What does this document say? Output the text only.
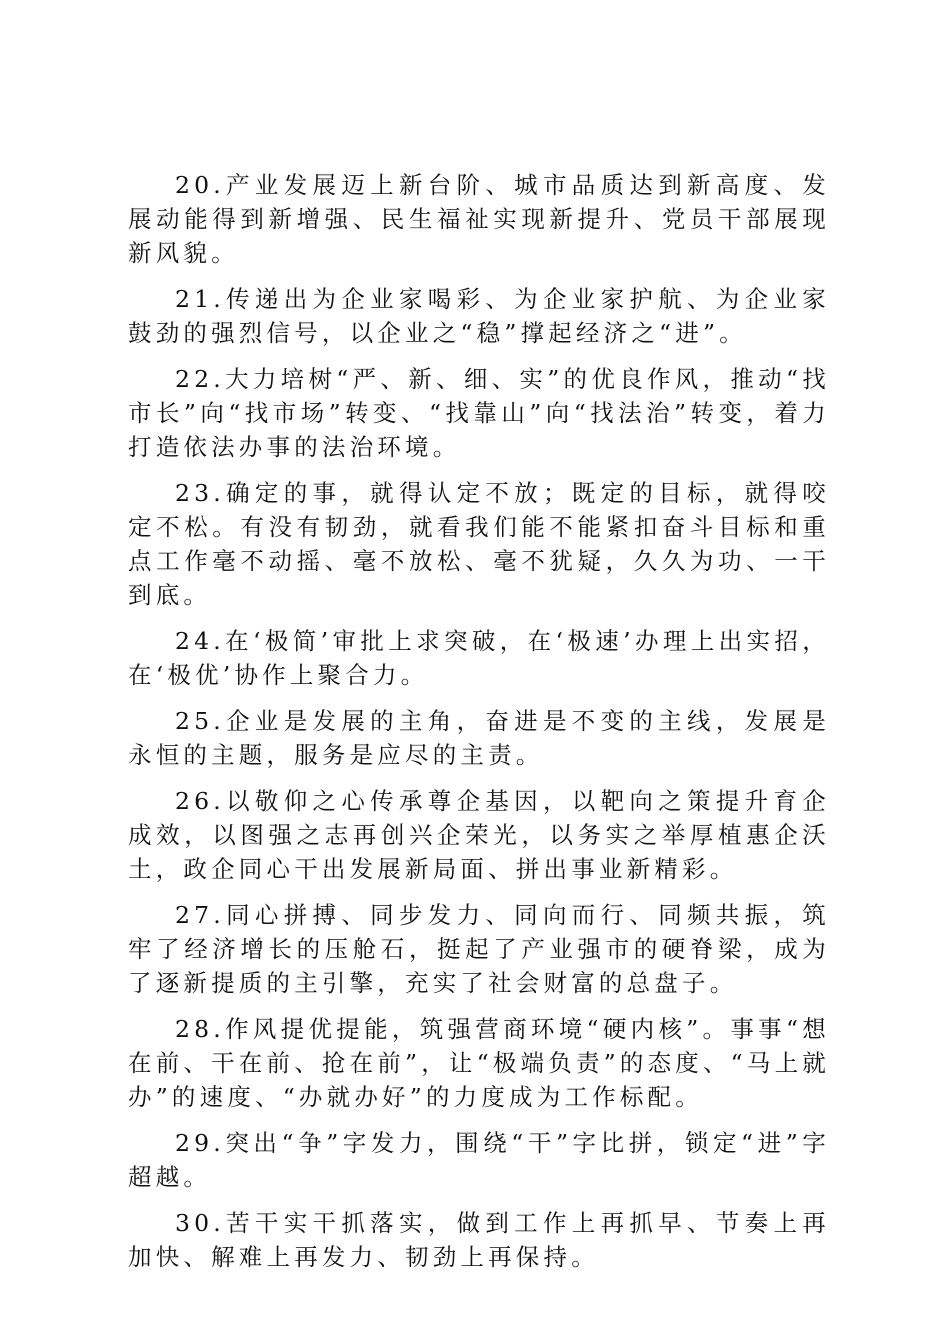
20.产业发展迈上新台阶、城市品质达到新高度、发展动能得到新增强、民生福祉实现新提升、党员干部展现新风貌。

21.传递出为企业家喝彩、为企业家护航、为企业家鼓劲的强烈信号，以企业之“稳”撑起经济之“进”。

22.大力培树“严、新、细、实”的优良作风，推动“找市长”向“找市场”转变、“找靠山”向“找法治”转变，着力打造依法办事的法治环境。

23.确定的事，就得认定不放；既定的目标，就得咬定不松。有没有韧劲，就看我们能不能紧扣奋斗目标和重点工作毫不动摇、毫不放松、毫不犹疑，久久为功、一干到底。

24.在‘极简’审批上求突破，在‘极速’办理上出实招，在‘极优’协作上聚合力。

25.企业是发展的主角，奋进是不变的主线，发展是永恒的主题，服务是应尽的主责。

26.以敬仰之心传承尊企基因，以靶向之策提升育企成效，以图强之志再创兴企荣光，以务实之举厚植惠企沃土，政企同心干出发展新局面、拼出事业新精彩。

27.同心拼搏、同步发力、同向而行、同频共振，筑牢了经济增长的压舱石，挺起了产业强市的硬脊梁，成为了逐新提质的主引擎，充实了社会财富的总盘子。

28.作风提优提能，筑强营商环境“硬内核”。事事“想在前、干在前、抢在前”，让“极端负责”的态度、“马上就办”的速度、“办就办好”的力度成为工作标配。

29.突出“争”字发力，围绕“干”字比拼，锁定“进”字超越。

30.苦干实干抓落实，做到工作上再抓早、节奏上再加快、解难上再发力、韧劲上再保持。
